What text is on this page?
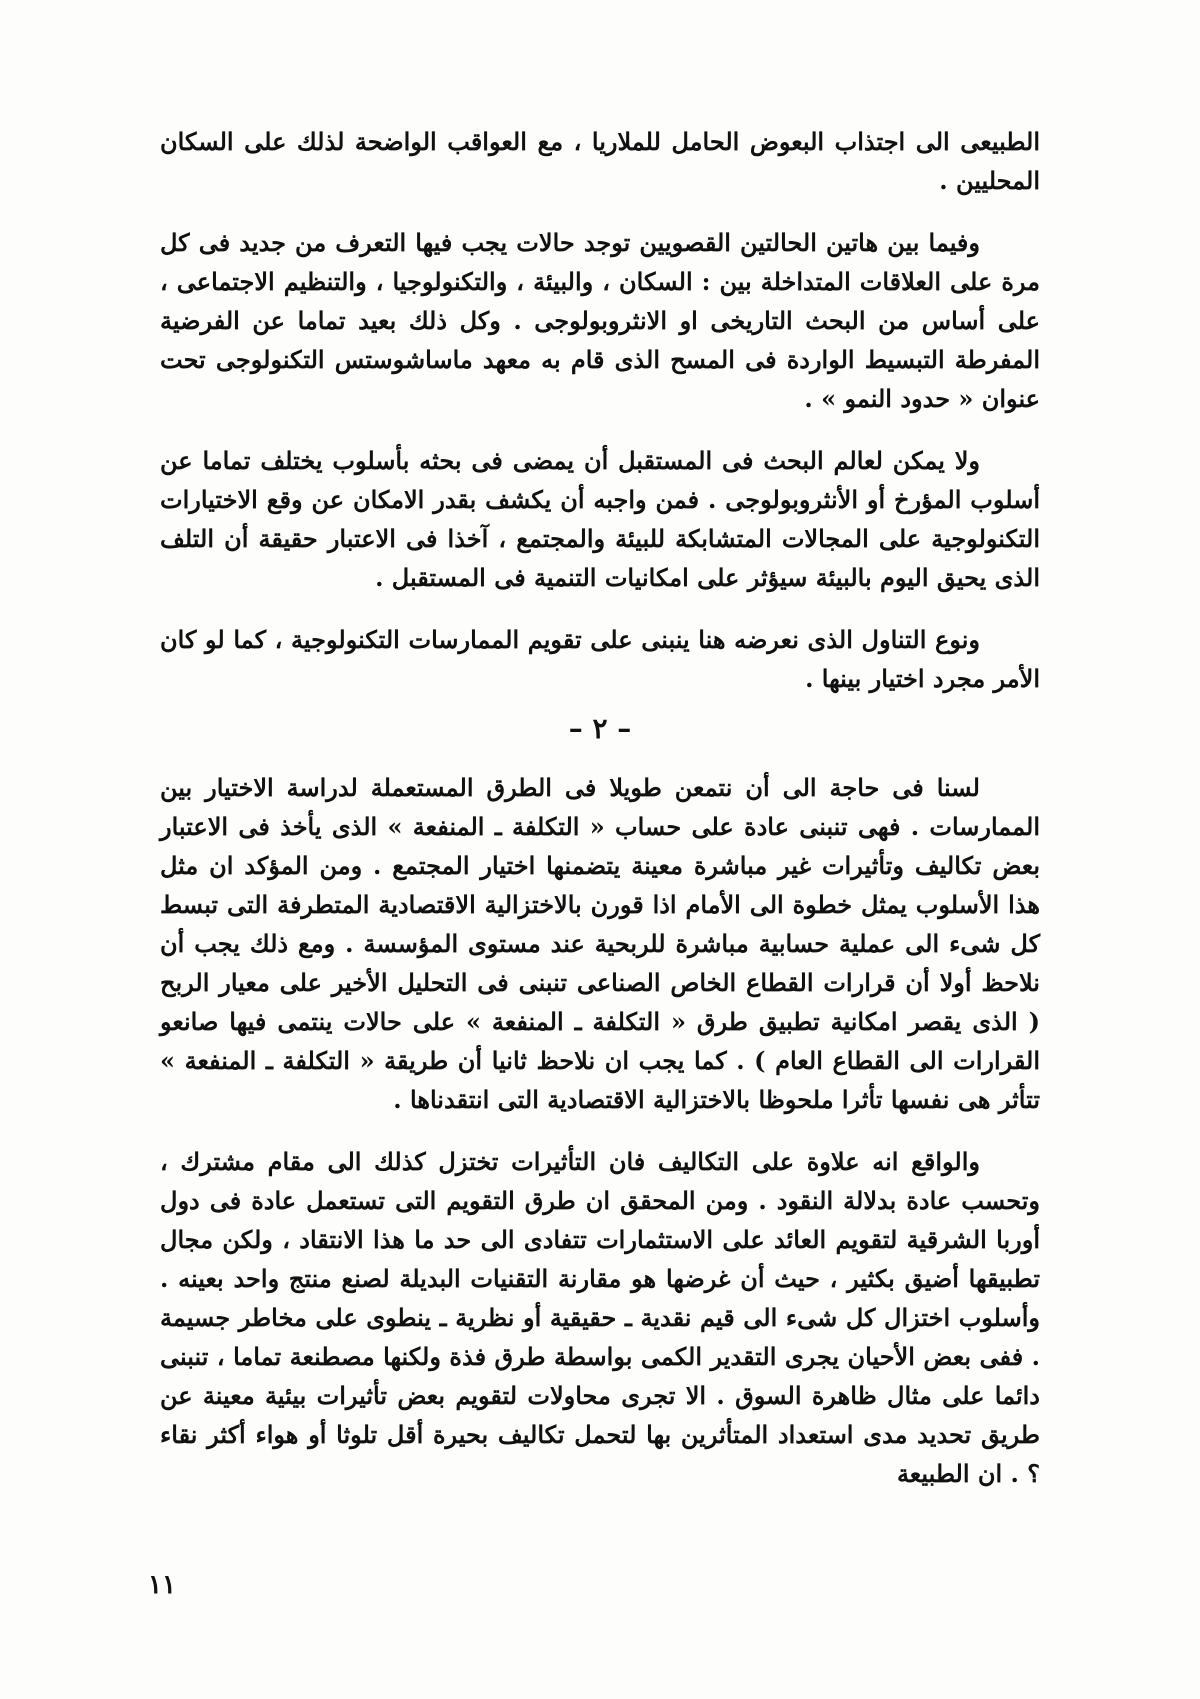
الطبيعى الى اجتذاب البعوض الحامل للملاريا ، مع العواقب الواضحة لذلك على السكان المحليين .

وفيما بين هاتين الحالتين القصويين توجد حالات يجب فيها التعرف من جديد فى كل مرة على العلاقات المتداخلة بين : السكان ، والبيئة ، والتكنولوجيا ، والتنظيم الاجتماعى ، على أساس من البحث التاريخى او الانثروبولوجى . وكل ذلك بعيد تماما عن الفرضية المفرطة التبسيط الواردة فى المسح الذى قام به معهد ماساشوستس التكنولوجى تحت عنوان « حدود النمو » .

ولا يمكن لعالم البحث فى المستقبل أن يمضى فى بحثه بأسلوب يختلف تماما عن أسلوب المؤرخ أو الأنثروبولوجى . فمن واجبه أن يكشف بقدر الامكان عن وقع الاختيارات التكنولوجية على المجالات المتشابكة للبيئة والمجتمع ، آخذا فى الاعتبار حقيقة أن التلف الذى يحيق اليوم بالبيئة سيؤثر على امكانيات التنمية فى المستقبل .

ونوع التناول الذى نعرضه هنا ينبنى على تقويم الممارسات التكنولوجية ، كما لو كان الأمر مجرد اختيار بينها .

– ٢ –

لسنا فى حاجة الى أن نتمعن طويلا فى الطرق المستعملة لدراسة الاختيار بين الممارسات . فهى تنبنى عادة على حساب « التكلفة ـ المنفعة » الذى يأخذ فى الاعتبار بعض تكاليف وتأثيرات غير مباشرة معينة يتضمنها اختيار المجتمع . ومن المؤكد ان مثل هذا الأسلوب يمثل خطوة الى الأمام اذا قورن بالاختزالية الاقتصادية المتطرفة التى تبسط كل شىء الى عملية حسابية مباشرة للربحية عند مستوى المؤسسة . ومع ذلك يجب أن نلاحظ أولا أن قرارات القطاع الخاص الصناعى تنبنى فى التحليل الأخير على معيار الربح ( الذى يقصر امكانية تطبيق طرق « التكلفة ـ المنفعة » على حالات ينتمى فيها صانعو القرارات الى القطاع العام ) . كما يجب ان نلاحظ ثانيا أن طريقة « التكلفة ـ المنفعة » تتأثر هى نفسها تأثرا ملحوظا بالاختزالية الاقتصادية التى انتقدناها .

والواقع انه علاوة على التكاليف فان التأثيرات تختزل كذلك الى مقام مشترك ، وتحسب عادة بدلالة النقود . ومن المحقق ان طرق التقويم التى تستعمل عادة فى دول أوربا الشرقية لتقويم العائد على الاستثمارات تتفادى الى حد ما هذا الانتقاد ، ولكن مجال تطبيقها أضيق بكثير ، حيث أن غرضها هو مقارنة التقنيات البديلة لصنع منتج واحد بعينه . وأسلوب اختزال كل شىء الى قيم نقدية ـ حقيقية أو نظرية ـ ينطوى على مخاطر جسيمة . ففى بعض الأحيان يجرى التقدير الكمى بواسطة طرق فذة ولكنها مصطنعة تماما ، تنبنى دائما على مثال ظاهرة السوق . الا تجرى محاولات لتقويم بعض تأثيرات بيئية معينة عن طريق تحديد مدى استعداد المتأثرين بها لتحمل تكاليف بحيرة أقل تلوثا أو هواء أكثر نقاء ؟ . ان الطبيعة

١١
